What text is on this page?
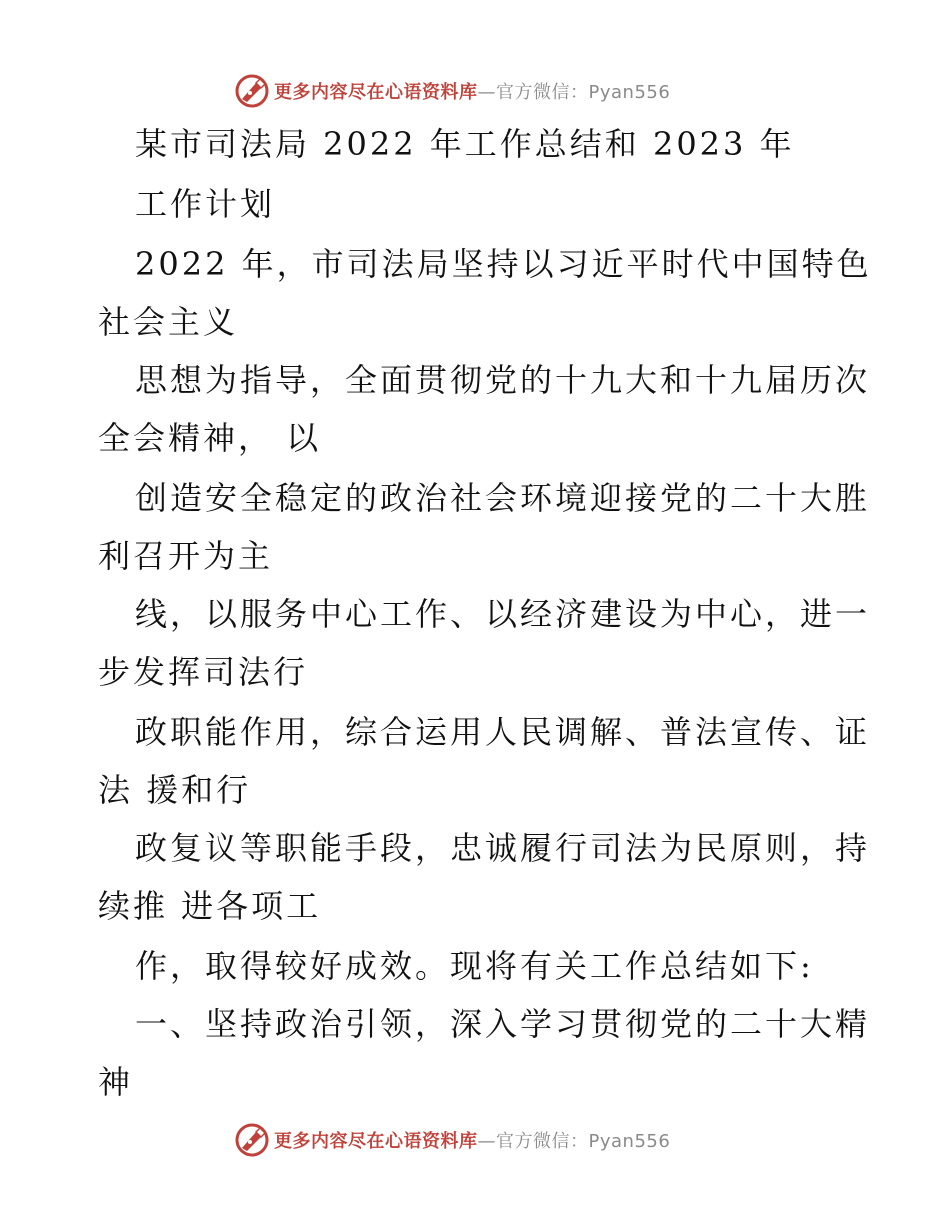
更多内容尽在心语资料库 —官方微信：Pyan556
某市司法局 2022 年工作总结和 2023 年
工作计划
2022 年，市司法局坚持以习近平时代中国特色
社会主义
思想为指导，全面贯彻党的十九大和十九届历次
全会精神， 以
创造安全稳定的政治社会环境迎接党的二十大胜
利召开为主
线，以服务中心工作、以经济建设为中心，进一
步发挥司法行
政职能作用，综合运用人民调解、普法宣传、证
法 援和行
政复议等职能手段，忠诚履行司法为民原则，持
续推 进各项工
作，取得较好成效。现将有关工作总结如下:
一、坚持政治引领，深入学习贯彻党的二十大精
神
更多内容尽在心语资料库 —官方微信：Pyan556
